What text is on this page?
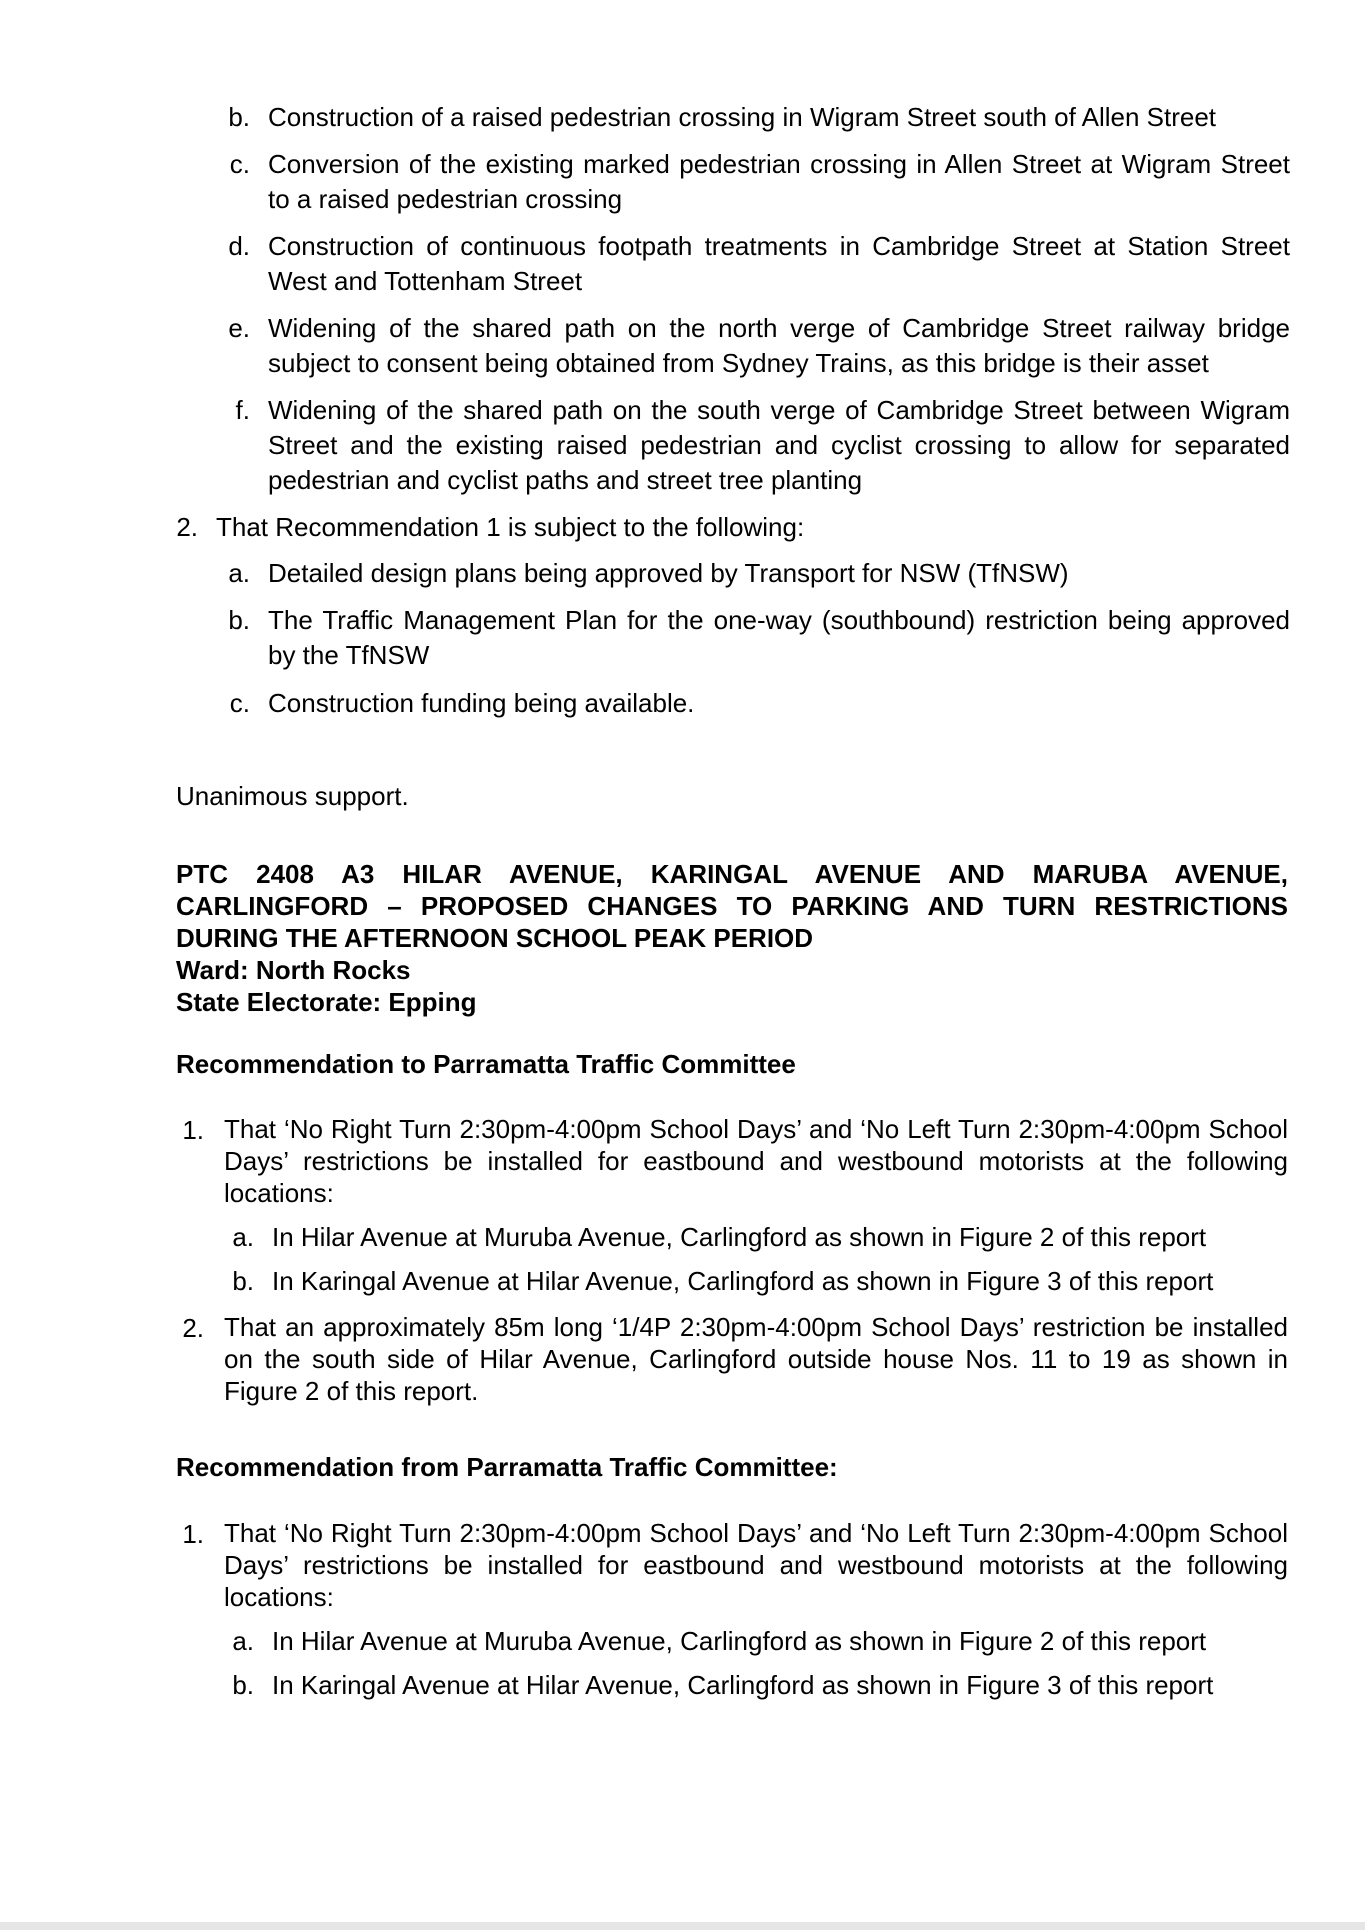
b. Construction of a raised pedestrian crossing in Wigram Street south of Allen Street
c. Conversion of the existing marked pedestrian crossing in Allen Street at Wigram Street to a raised pedestrian crossing
d. Construction of continuous footpath treatments in Cambridge Street at Station Street West and Tottenham Street
e. Widening of the shared path on the north verge of Cambridge Street railway bridge subject to consent being obtained from Sydney Trains, as this bridge is their asset
f. Widening of the shared path on the south verge of Cambridge Street between Wigram Street and the existing raised pedestrian and cyclist crossing to allow for separated pedestrian and cyclist paths and street tree planting
2. That Recommendation 1 is subject to the following:
a. Detailed design plans being approved by Transport for NSW (TfNSW)
b. The Traffic Management Plan for the one-way (southbound) restriction being approved by the TfNSW
c. Construction funding being available.
Unanimous support.
PTC 2408 A3 HILAR AVENUE, KARINGAL AVENUE AND MARUBA AVENUE,
CARLINGFORD – PROPOSED CHANGES TO PARKING AND TURN RESTRICTIONS
DURING THE AFTERNOON SCHOOL PEAK PERIOD
Ward: North Rocks
State Electorate: Epping
Recommendation to Parramatta Traffic Committee
1. That ‘No Right Turn 2:30pm-4:00pm School Days’ and ‘No Left Turn 2:30pm-4:00pm School Days’ restrictions be installed for eastbound and westbound motorists at the following locations:
a. In Hilar Avenue at Muruba Avenue, Carlingford as shown in Figure 2 of this report
b. In Karingal Avenue at Hilar Avenue, Carlingford as shown in Figure 3 of this report
2. That an approximately 85m long ‘1/4P 2:30pm-4:00pm School Days’ restriction be installed on the south side of Hilar Avenue, Carlingford outside house Nos. 11 to 19 as shown in Figure 2 of this report.
Recommendation from Parramatta Traffic Committee:
1. That ‘No Right Turn 2:30pm-4:00pm School Days’ and ‘No Left Turn 2:30pm-4:00pm School Days’ restrictions be installed for eastbound and westbound motorists at the following locations:
a. In Hilar Avenue at Muruba Avenue, Carlingford as shown in Figure 2 of this report
b. In Karingal Avenue at Hilar Avenue, Carlingford as shown in Figure 3 of this report
